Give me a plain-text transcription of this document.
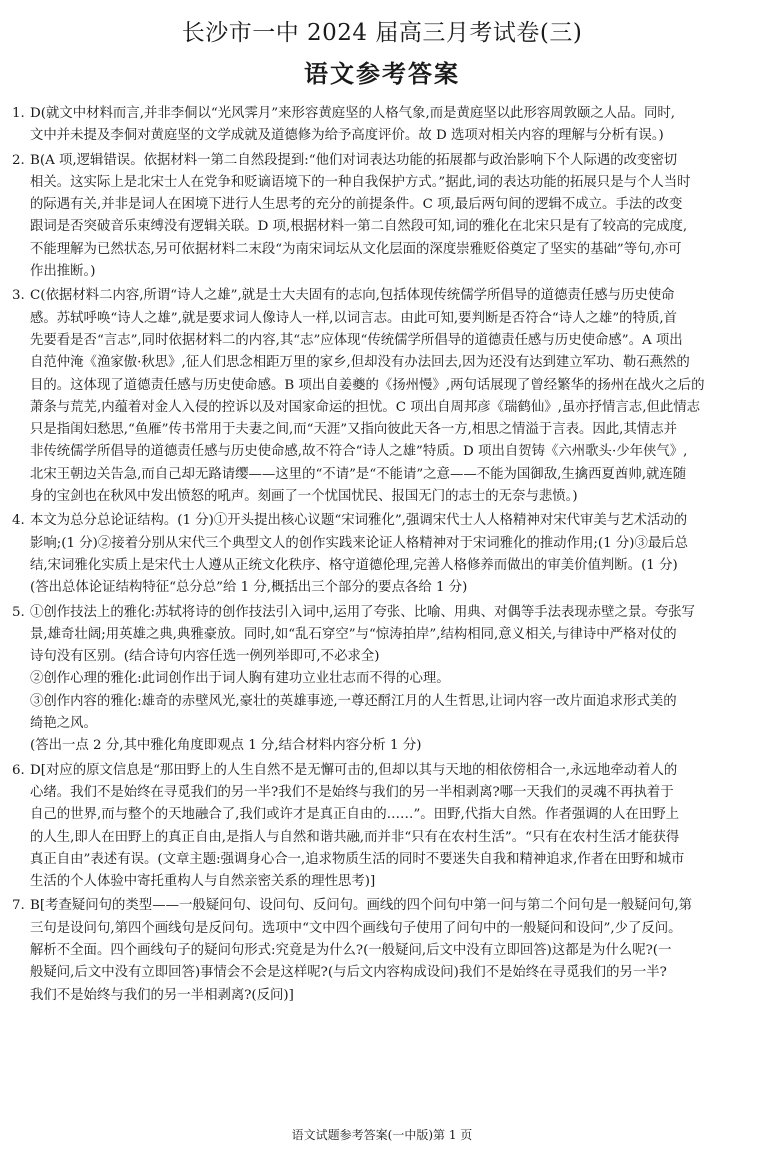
长沙市一中 2024 届高三月考试卷(三)
语文参考答案
1. D(就文中材料而言,并非李侗以“光风霁月”来形容黄庭坚的人格气象,而是黄庭坚以此形容周敦颐之人品。同时,
文中并未提及李侗对黄庭坚的文学成就及道德修为给予高度评价。故 D 选项对相关内容的理解与分析有误。)
2. B(A 项,逻辑错误。依据材料一第二自然段提到:“他们对词表达功能的拓展都与政治影响下个人际遇的改变密切
相关。这实际上是北宋士人在党争和贬谪语境下的一种自我保护方式。”据此,词的表达功能的拓展只是与个人当时
的际遇有关,并非是词人在困境下进行人生思考的充分的前提条件。C 项,最后两句间的逻辑不成立。手法的改变
跟词是否突破音乐束缚没有逻辑关联。D 项,根据材料一第二自然段可知,词的雅化在北宋只是有了较高的完成度,
不能理解为已然状态,另可依据材料二末段“为南宋词坛从文化层面的深度崇雅贬俗奠定了坚实的基础”等句,亦可
作出推断。)
3. C(依据材料二内容,所谓“诗人之雄”,就是士大夫固有的志向,包括体现传统儒学所倡导的道德责任感与历史使命
感。苏轼呼唤“诗人之雄”,就是要求词人像诗人一样,以词言志。由此可知,要判断是否符合“诗人之雄”的特质,首
先要看是否“言志”,同时依据材料二的内容,其“志”应体现“传统儒学所倡导的道德责任感与历史使命感”。A 项出
自范仲淹《渔家傲·秋思》,征人们思念相距万里的家乡,但却没有办法回去,因为还没有达到建立军功、勒石燕然的
目的。这体现了道德责任感与历史使命感。B 项出自姜夔的《扬州慢》,两句话展现了曾经繁华的扬州在战火之后的
萧条与荒芜,内蕴着对金人入侵的控诉以及对国家命运的担忧。C 项出自周邦彦《瑞鹤仙》,虽亦抒情言志,但此情志
只是指闺妇愁思,“鱼雁”传书常用于夫妻之间,而“天涯”又指向彼此天各一方,相思之情溢于言表。因此,其情志并
非传统儒学所倡导的道德责任感与历史使命感,故不符合“诗人之雄”特质。D 项出自贺铸《六州歌头·少年侠气》,
北宋王朝边关告急,而自己却无路请缨——这里的“不请”是“不能请”之意——不能为国御敌,生擒西夏酋帅,就连随
身的宝剑也在秋风中发出愤怒的吼声。刻画了一个忧国忧民、报国无门的志士的无奈与悲愤。)
4. 本文为总分总论证结构。(1 分)①开头提出核心议题“宋词雅化”,强调宋代士人人格精神对宋代审美与艺术活动的
影响;(1 分)②接着分别从宋代三个典型文人的创作实践来论证人格精神对于宋词雅化的推动作用;(1 分)③最后总
结,宋词雅化实质上是宋代士人遵从正统文化秩序、格守道德伦理,完善人格修养而做出的审美价值判断。(1 分)
(答出总体论证结构特征“总分总”给 1 分,概括出三个部分的要点各给 1 分)
5. ①创作技法上的雅化:苏轼将诗的创作技法引入词中,运用了夸张、比喻、用典、对偶等手法表现赤壁之景。夸张写
景,雄奇壮阔;用英雄之典,典雅豪放。同时,如“乱石穿空”与“惊涛拍岸”,结构相同,意义相关,与律诗中严格对仗的
诗句没有区别。(结合诗句内容任选一例列举即可,不必求全)
②创作心理的雅化:此词创作出于词人胸有建功立业壮志而不得的心理。
③创作内容的雅化:雄奇的赤壁风光,豪壮的英雄事迹,一尊还酹江月的人生哲思,让词内容一改片面追求形式美的
绮艳之风。
(答出一点 2 分,其中雅化角度即观点 1 分,结合材料内容分析 1 分)
6. D[对应的原文信息是“那田野上的人生自然不是无懈可击的,但却以其与天地的相依傍相合一,永远地牵动着人的
心绪。我们不是始终在寻觅我们的另一半?我们不是始终与我们的另一半相剥离?哪一天我们的灵魂不再执着于
自己的世界,而与整个的天地融合了,我们或许才是真正自由的……”。田野,代指大自然。作者强调的人在田野上
的人生,即人在田野上的真正自由,是指人与自然和谐共融,而并非“只有在农村生活”。“只有在农村生活才能获得
真正自由”表述有误。(文章主题:强调身心合一,追求物质生活的同时不要迷失自我和精神追求,作者在田野和城市
生活的个人体验中寄托重构人与自然亲密关系的理性思考)]
7. B[考查疑问句的类型——一般疑问句、设问句、反问句。画线的四个问句中第一问与第二个问句是一般疑问句,第
三句是设问句,第四个画线句是反问句。选项中“文中四个画线句子使用了问句中的一般疑问和设问”,少了反问。
解析不全面。四个画线句子的疑问句形式:究竟是为什么?(一般疑问,后文中没有立即回答)这都是为什么呢?(一
般疑问,后文中没有立即回答)事情会不会是这样呢?(与后文内容构成设问)我们不是始终在寻觅我们的另一半?
我们不是始终与我们的另一半相剥离?(反问)]
语文试题参考答案(一中版)第 1 页
